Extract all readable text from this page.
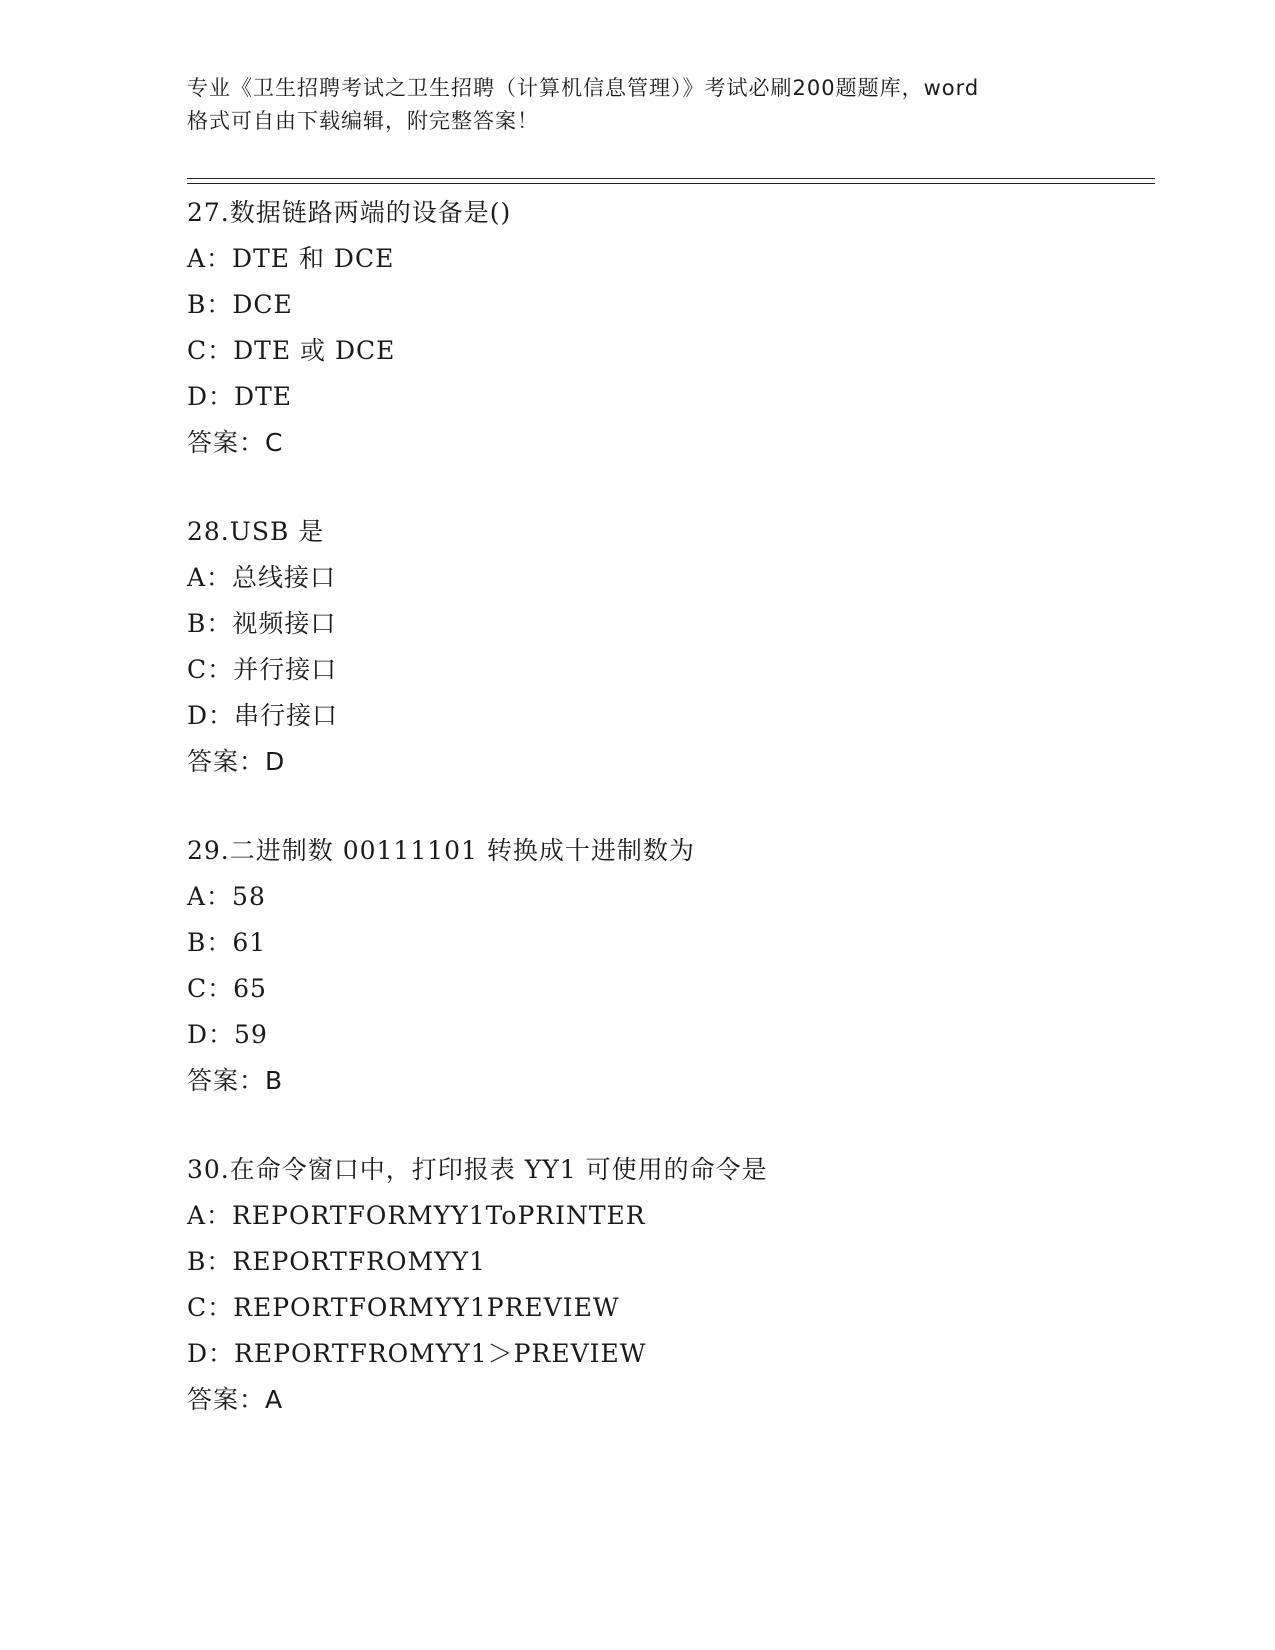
专业《卫生招聘考试之卫生招聘（计算机信息管理）》考试必刷200题题库，word
格式可自由下载编辑，附完整答案！
27.数据链路两端的设备是()
A：DTE 和 DCE
B：DCE
C：DTE 或 DCE
D：DTE
答案：C
28.USB 是
A：总线接口
B：视频接口
C：并行接口
D：串行接口
答案：D
29.二进制数 00111101 转换成十进制数为
A：58
B：61
C：65
D：59
答案：B
30.在命令窗口中，打印报表 YY1 可使用的命令是
A：REPORTFORMYY1ToPRINTER
B：REPORTFROMYY1
C：REPORTFORMYY1PREVIEW
D：REPORTFROMYY1＞PREVIEW
答案：A
